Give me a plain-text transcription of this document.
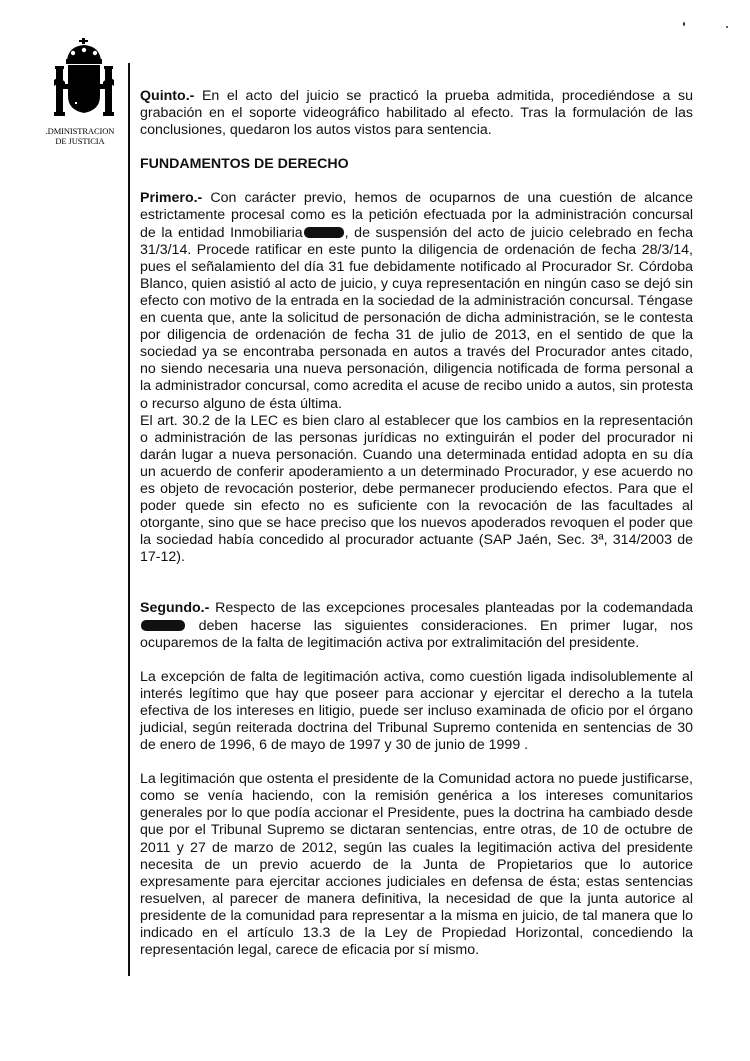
.DMINISTRACION
DE JUSTICIA

Quinto.- En el acto del juicio se practicó la prueba admitida, procediéndose a su grabación en el soporte videográfico habilitado al efecto. Tras la formulación de las conclusiones, quedaron los autos vistos para sentencia.

FUNDAMENTOS DE DERECHO

Primero.- Con carácter previo, hemos de ocuparnos de una cuestión de alcance estrictamente procesal como es la petición efectuada por la administración concursal de la entidad Inmobiliaria	, de suspensión del acto de juicio celebrado en fecha 31/3/14. Procede ratificar en este punto la diligencia de ordenación de fecha 28/3/14, pues el señalamiento del día 31 fue debidamente notificado al Procurador Sr. Córdoba Blanco, quien asistió al acto de juicio, y cuya representación en ningún caso se dejó sin efecto con motivo de la entrada en la sociedad de la administración concursal. Téngase en cuenta que, ante la solicitud de personación de dicha administración, se le contesta por diligencia de ordenación de fecha 31 de julio de 2013, en el sentido de que la sociedad ya se encontraba personada en autos a través del Procurador antes citado, no siendo necesaria una nueva personación, diligencia notificada de forma personal a la administrador concursal, como acredita el acuse de recibo unido a autos, sin protesta o recurso alguno de ésta última.

El art. 30.2 de la LEC es bien claro al establecer que los cambios en la representación o administración de las personas jurídicas no extinguirán el poder del procurador ni darán lugar a nueva personación. Cuando una determinada entidad adopta en su día un acuerdo de conferir apoderamiento a un determinado Procurador, y ese acuerdo no es objeto de revocación posterior, debe permanecer produciendo efectos. Para que el poder quede sin efecto no es suficiente con la revocación de las facultades al otorgante, sino que se hace preciso que los nuevos apoderados revoquen el poder que la sociedad había concedido al procurador actuante (SAP Jaén, Sec. 3ª, 314/2003 de 17-12).

Segundo.- Respecto de las excepciones procesales planteadas por la codemandada  deben hacerse las siguientes consideraciones. En primer lugar, nos ocuparemos de la falta de legitimación activa por extralimitación del presidente.

La excepción de falta de legitimación activa, como cuestión ligada indisolublemente al interés legítimo que hay que poseer para accionar y ejercitar el derecho a la tutela efectiva de los intereses en litigio, puede ser incluso examinada de oficio por el órgano judicial, según reiterada doctrina del Tribunal Supremo contenida en sentencias de 30 de enero de 1996, 6 de mayo de 1997 y 30 de junio de 1999 .

La legitimación que ostenta el presidente de la Comunidad actora no puede justificarse, como se venía haciendo, con la remisión genérica a los intereses comunitarios generales por lo que podía accionar el Presidente, pues la doctrina ha cambiado desde que por el Tribunal Supremo se dictaran sentencias, entre otras, de 10 de octubre de 2011 y 27 de marzo de 2012, según las cuales la legitimación activa del presidente necesita de un previo acuerdo de la Junta de Propietarios que lo autorice expresamente para ejercitar acciones judiciales en defensa de ésta; estas sentencias resuelven, al parecer de manera definitiva, la necesidad de que la junta autorice al presidente de la comunidad para representar a la misma en juicio, de tal manera que lo indicado en el artículo 13.3 de la Ley de Propiedad Horizontal, concediendo la representación legal, carece de eficacia por sí mismo.
